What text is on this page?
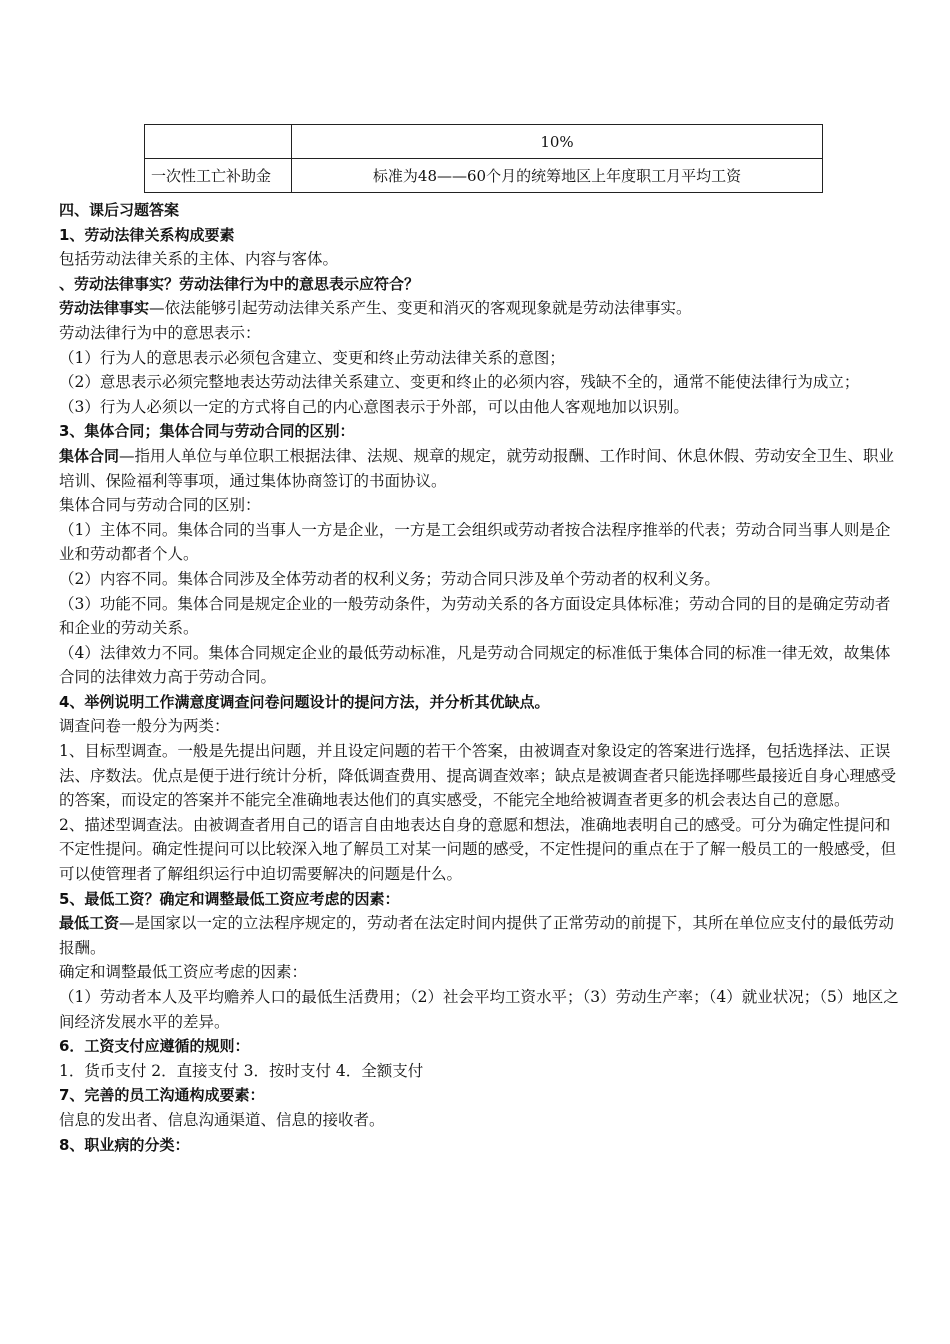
	10%
一次性工亡补助金	标准为48——60个月的统筹地区上年度职工月平均工资

四、课后习题答案

1、劳动法律关系构成要素

包括劳动法律关系的主体、内容与客体。

、劳动法律事实？劳动法律行为中的意思表示应符合？

劳动法律事实—依法能够引起劳动法律关系产生、变更和消灭的客观现象就是劳动法律事实。

劳动法律行为中的意思表示：

（1）行为人的意思表示必须包含建立、变更和终止劳动法律关系的意图；

（2）意思表示必须完整地表达劳动法律关系建立、变更和终止的必须内容，残缺不全的，通常不能使法律行为成立；

（3）行为人必须以一定的方式将自己的内心意图表示于外部，可以由他人客观地加以识别。

3、集体合同；集体合同与劳动合同的区别：

集体合同—指用人单位与单位职工根据法律、法规、规章的规定，就劳动报酬、工作时间、休息休假、劳动安全卫生、职业培训、保险福利等事项，通过集体协商签订的书面协议。

集体合同与劳动合同的区别：

（1）主体不同。集体合同的当事人一方是企业，一方是工会组织或劳动者按合法程序推举的代表；劳动合同当事人则是企业和劳动都者个人。

（2）内容不同。集体合同涉及全体劳动者的权利义务；劳动合同只涉及单个劳动者的权利义务。

（3）功能不同。集体合同是规定企业的一般劳动条件，为劳动关系的各方面设定具体标准；劳动合同的目的是确定劳动者和企业的劳动关系。

（4）法律效力不同。集体合同规定企业的最低劳动标准，凡是劳动合同规定的标准低于集体合同的标准一律无效，故集体合同的法律效力高于劳动合同。

4、举例说明工作满意度调查问卷问题设计的提问方法，并分析其优缺点。

调查问卷一般分为两类：

1、目标型调查。一般是先提出问题，并且设定问题的若干个答案，由被调查对象设定的答案进行选择，包括选择法、正误法、序数法。优点是便于进行统计分析，降低调查费用、提高调查效率；缺点是被调查者只能选择哪些最接近自身心理感受的答案，而设定的答案并不能完全准确地表达他们的真实感受，不能完全地给被调查者更多的机会表达自己的意愿。

2、描述型调查法。由被调查者用自己的语言自由地表达自身的意愿和想法，准确地表明自己的感受。可分为确定性提问和不定性提问。确定性提问可以比较深入地了解员工对某一问题的感受，不定性提问的重点在于了解一般员工的一般感受，但可以使管理者了解组织运行中迫切需要解决的问题是什么。

5、最低工资？确定和调整最低工资应考虑的因素：

最低工资—是国家以一定的立法程序规定的，劳动者在法定时间内提供了正常劳动的前提下，其所在单位应支付的最低劳动报酬。

确定和调整最低工资应考虑的因素：

（1）劳动者本人及平均赡养人口的最低生活费用；（2）社会平均工资水平；（3）劳动生产率；（4）就业状况；（5）地区之间经济发展水平的差异。

6．工资支付应遵循的规则：

1．货币支付 2．直接支付 3．按时支付 4．全额支付

7、完善的员工沟通构成要素：

信息的发出者、信息沟通渠道、信息的接收者。

8、职业病的分类：
